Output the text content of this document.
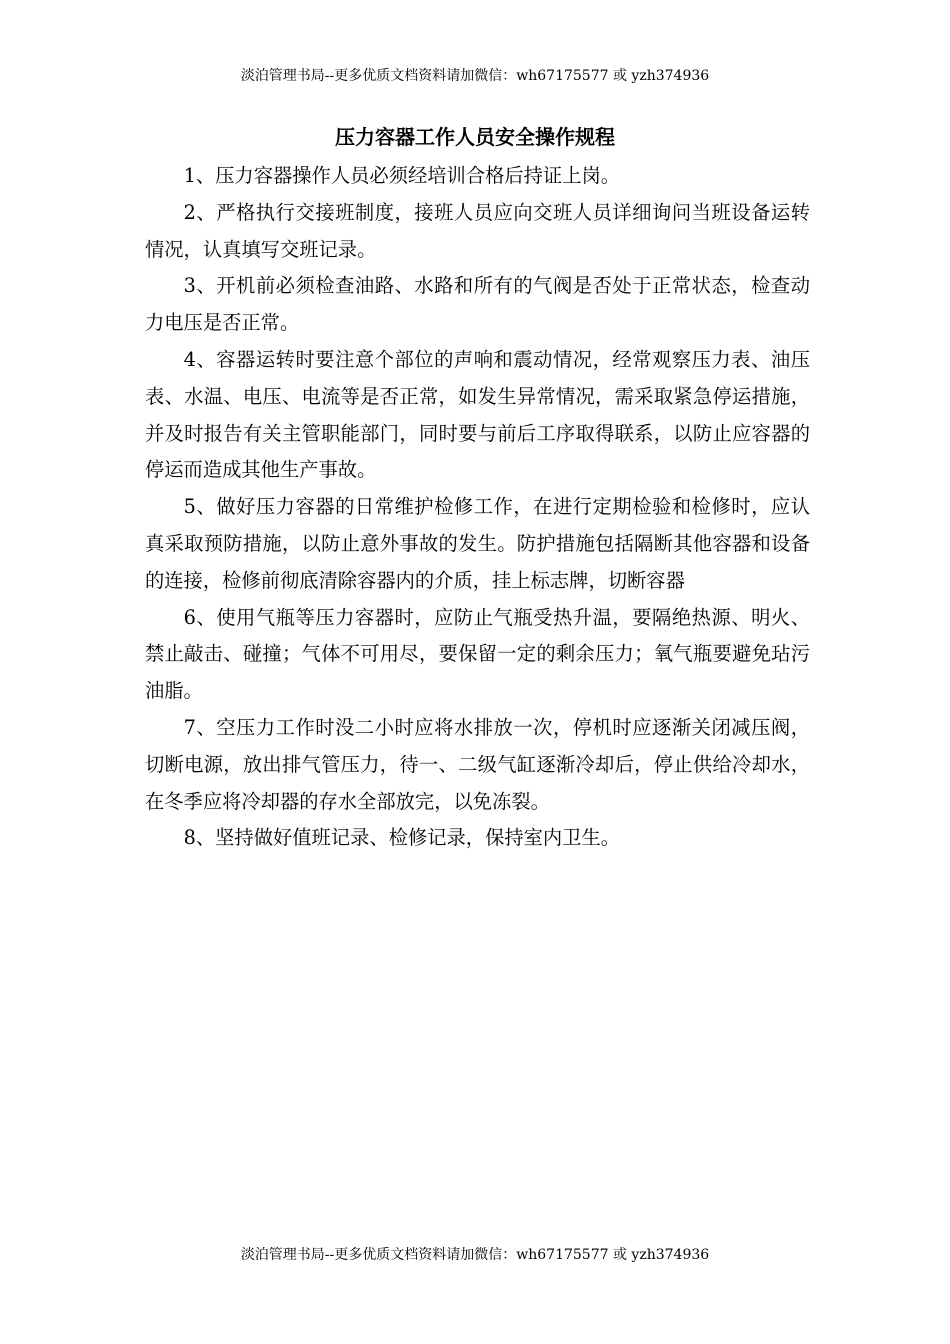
淡泊管理书局--更多优质文档资料请加微信：wh67175577 或 yzh374936
压力容器工作人员安全操作规程

1、压力容器操作人员必须经培训合格后持证上岗。

2、严格执行交接班制度，接班人员应向交班人员详细询问当班设备运转情况，认真填写交班记录。

3、开机前必须检查油路、水路和所有的气阀是否处于正常状态，检查动力电压是否正常。

4、容器运转时要注意个部位的声响和震动情况，经常观察压力表、油压表、水温、电压、电流等是否正常，如发生异常情况，需采取紧急停运措施，并及时报告有关主管职能部门，同时要与前后工序取得联系，以防止应容器的停运而造成其他生产事故。

5、做好压力容器的日常维护检修工作，在进行定期检验和检修时，应认真采取预防措施，以防止意外事故的发生。防护措施包括隔断其他容器和设备的连接，检修前彻底清除容器内的介质，挂上标志牌，切断容器

6、使用气瓶等压力容器时，应防止气瓶受热升温，要隔绝热源、明火、禁止敲击、碰撞；气体不可用尽，要保留一定的剩余压力；氧气瓶要避免玷污油脂。

7、空压力工作时没二小时应将水排放一次，停机时应逐渐关闭减压阀，切断电源，放出排气管压力，待一、二级气缸逐渐冷却后，停止供给冷却水，在冬季应将冷却器的存水全部放完，以免冻裂。

8、坚持做好值班记录、检修记录，保持室内卫生。

淡泊管理书局--更多优质文档资料请加微信：wh67175577 或 yzh374936
